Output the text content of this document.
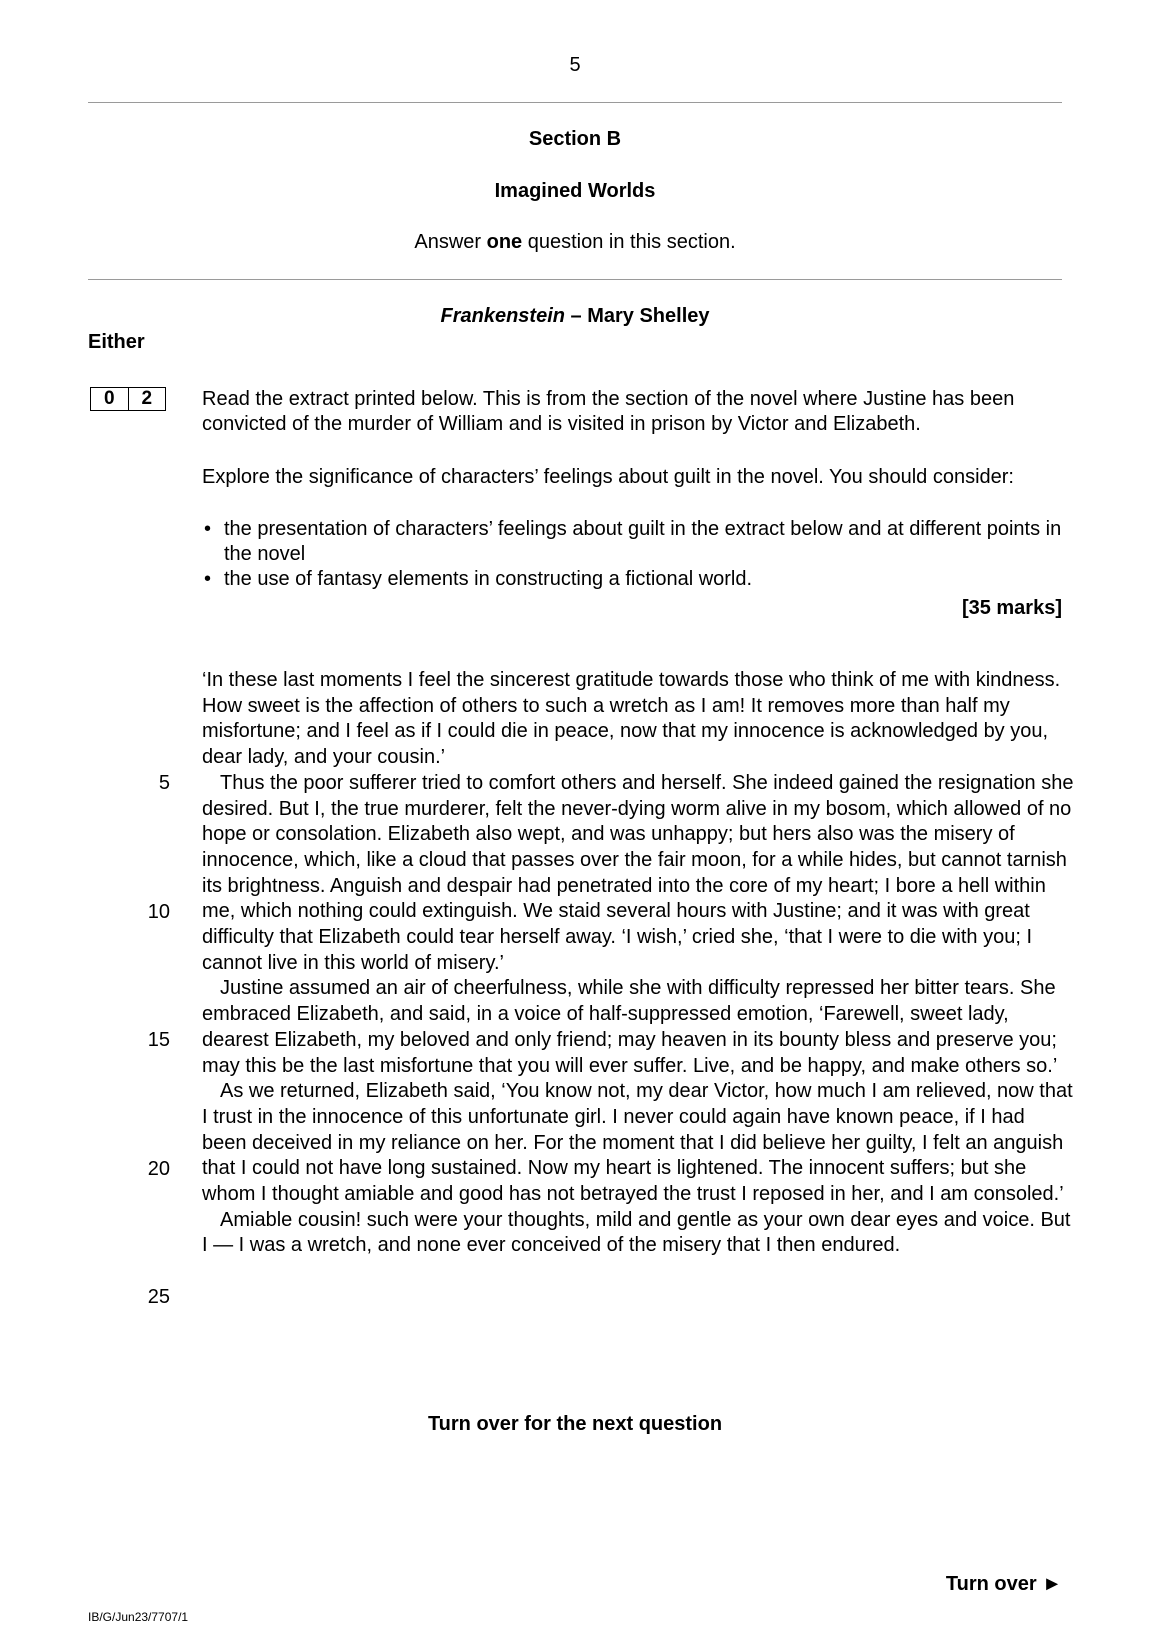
5
Section B
Imagined Worlds
Answer one question in this section.
Frankenstein – Mary Shelley
Either
0	2	Read the extract printed below. This is from the section of the novel where Justine has been convicted of the murder of William and is visited in prison by Victor and Elizabeth.
Explore the significance of characters’ feelings about guilt in the novel. You should consider:
• the presentation of characters’ feelings about guilt in the extract below and at different points in the novel
• the use of fantasy elements in constructing a fictional world.
[35 marks]

‘In these last moments I feel the sincerest gratitude towards those who think of me with kindness. How sweet is the affection of others to such a wretch as I am! It removes more than half my misfortune; and I feel as if I could die in peace, now that my innocence is acknowledged by you, dear lady, and your cousin.’

Thus the poor sufferer tried to comfort others and herself. She indeed gained the resignation she desired. But I, the true murderer, felt the never-dying worm alive in my bosom, which allowed of no hope or consolation. Elizabeth also wept, and was unhappy; but hers also was the misery of innocence, which, like a cloud that passes over the fair moon, for a while hides, but cannot tarnish its brightness. Anguish and despair had penetrated into the core of my heart; I bore a hell within me, which nothing could extinguish. We staid several hours with Justine; and it was with great difficulty that Elizabeth could tear herself away. ‘I wish,’ cried she, ‘that I were to die with you; I cannot live in this world of misery.’

Justine assumed an air of cheerfulness, while she with difficulty repressed her bitter tears. She embraced Elizabeth, and said, in a voice of half-suppressed emotion, ‘Farewell, sweet lady, dearest Elizabeth, my beloved and only friend; may heaven in its bounty bless and preserve you; may this be the last misfortune that you will ever suffer. Live, and be happy, and make others so.’

As we returned, Elizabeth said, ‘You know not, my dear Victor, how much I am relieved, now that I trust in the innocence of this unfortunate girl. I never could again have known peace, if I had been deceived in my reliance on her. For the moment that I did believe her guilty, I felt an anguish that I could not have long sustained. Now my heart is lightened. The innocent suffers; but she whom I thought amiable and good has not betrayed the trust I reposed in her, and I am consoled.’

Amiable cousin! such were your thoughts, mild and gentle as your own dear eyes and voice. But I — I was a wretch, and none ever conceived of the misery that I then endured.

5
10
15
20
25
Turn over for the next question
Turn over ►
IB/G/Jun23/7707/1
